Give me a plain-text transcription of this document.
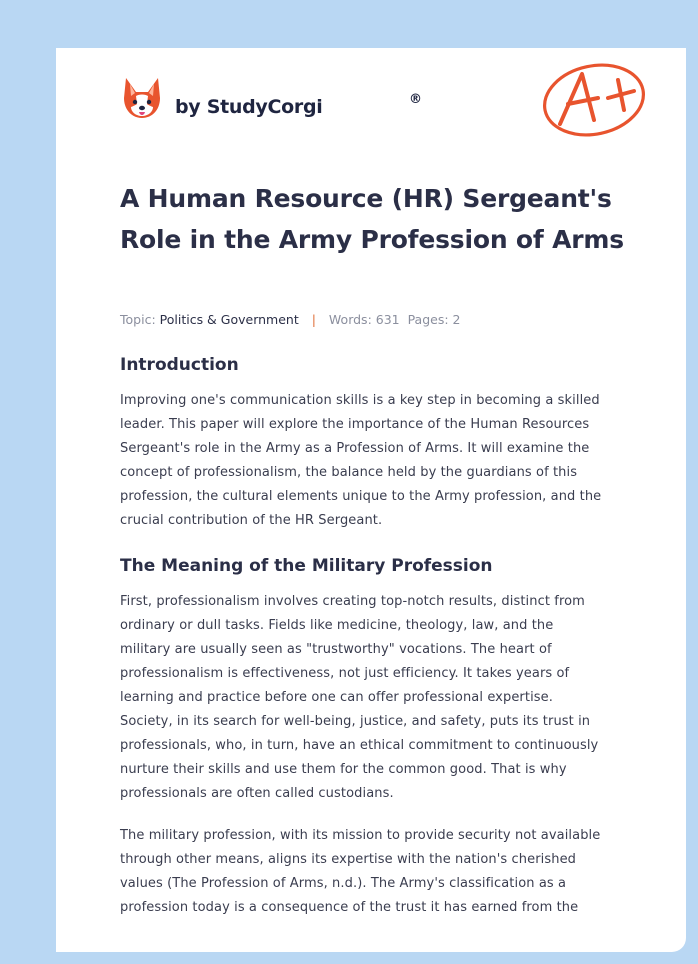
by StudyCorgi	®
A Human Resource (HR) Sergeant's Role in the Army Profession of Arms
Topic: Politics & Government | Words: 631 Pages: 2
Introduction

Improving one's communication skills is a key step in becoming a skilled
leader. This paper will explore the importance of the Human Resources
Sergeant's role in the Army as a Profession of Arms. It will examine the
concept of professionalism, the balance held by the guardians of this
profession, the cultural elements unique to the Army profession, and the
crucial contribution of the HR Sergeant.

The Meaning of the Military Profession

First, professionalism involves creating top-notch results, distinct from
ordinary or dull tasks. Fields like medicine, theology, law, and the
military are usually seen as "trustworthy" vocations. The heart of
professionalism is effectiveness, not just efficiency. It takes years of
learning and practice before one can offer professional expertise.
Society, in its search for well-being, justice, and safety, puts its trust in
professionals, who, in turn, have an ethical commitment to continuously
nurture their skills and use them for the common good. That is why
professionals are often called custodians.

The military profession, with its mission to provide security not available
through other means, aligns its expertise with the nation's cherished
values (The Profession of Arms, n.d.). The Army's classification as a
profession today is a consequence of the trust it has earned from the
